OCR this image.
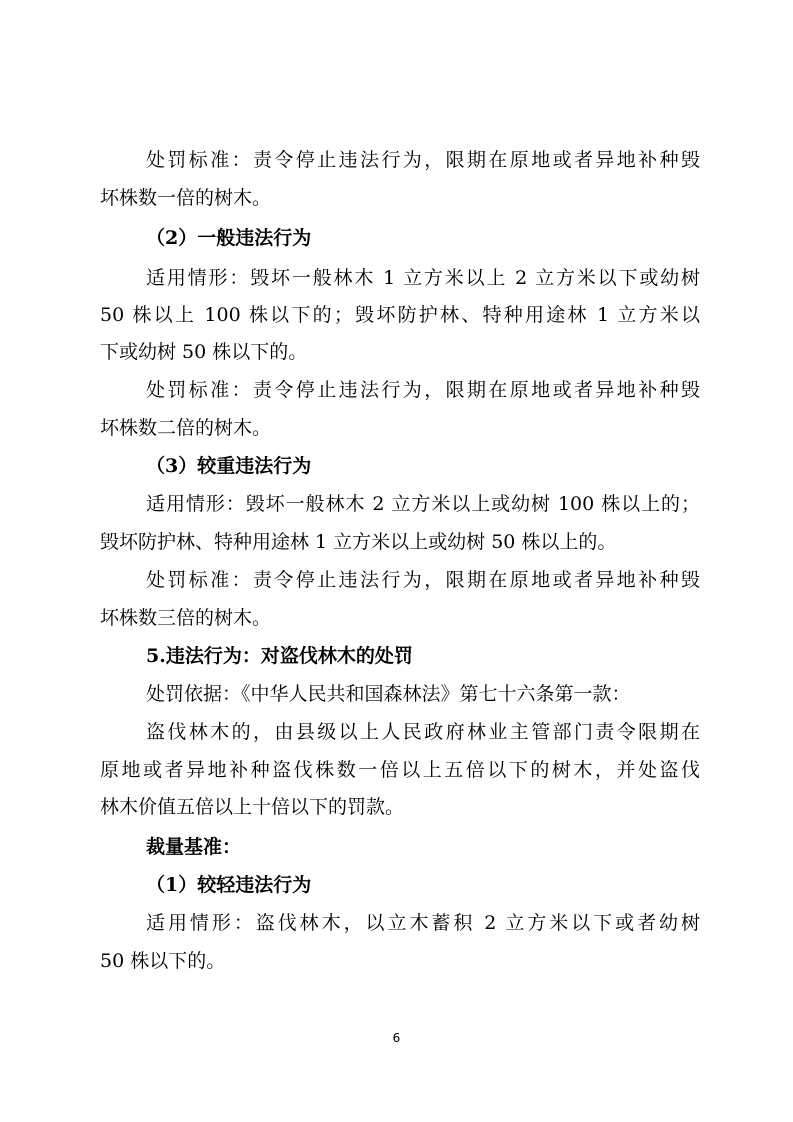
处罚标准：责令停止违法行为，限期在原地或者异地补种毁
坏株数一倍的树木。
（2）一般违法行为
适用情形：毁坏一般林木 1 立方米以上 2 立方米以下或幼树
50 株以上 100 株以下的；毁坏防护林、特种用途林 1 立方米以
下或幼树 50 株以下的。
处罚标准：责令停止违法行为，限期在原地或者异地补种毁
坏株数二倍的树木。
（3）较重违法行为
适用情形：毁坏一般林木 2 立方米以上或幼树 100 株以上的；
毁坏防护林、特种用途林 1 立方米以上或幼树 50 株以上的。
处罚标准：责令停止违法行为，限期在原地或者异地补种毁
坏株数三倍的树木。
5.违法行为：对盗伐林木的处罚
处罚依据：《中华人民共和国森林法》第七十六条第一款：
盗伐林木的，由县级以上人民政府林业主管部门责令限期在
原地或者异地补种盗伐株数一倍以上五倍以下的树木，并处盗伐
林木价值五倍以上十倍以下的罚款。
裁量基准：
（1）较轻违法行为
适用情形：盗伐林木，以立木蓄积 2 立方米以下或者幼树
50 株以下的。
6
